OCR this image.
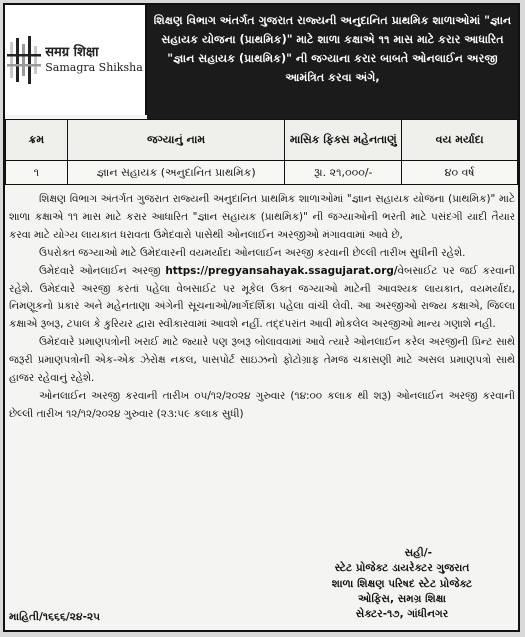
समग्र शिक्षा
Samagra Shiksha
શિક્ષણ વિભાગ અંતર્ગત ગુજરાત રાજ્યની અનુદાનિત પ્રાથમિક શાળાઓમાં "જ્ઞાન સહાયક યોજના (પ્રાથમિક)" માટે શાળા કક્ષાએ ૧૧ માસ માટે કરાર આધારિત "જ્ઞાન સહાયક (પ્રાથમિક)" ની જગ્યાના કરાર બાબતે ઓનલાઈન અરજી આમંત્રિત કરવા અંગે,
ક્રમ	જગ્યાનું નામ	માસિક ફિક્સ મહેનતાણું	વય મર્યાદા
૧	જ્ઞાન સહાયક (અનુદાનિત પ્રાથમિક)	રૂા. ૨૧,૦૦૦/-	૪૦ વર્ષ

શિક્ષણ વિભાગ અંતર્ગત ગુજરાત રાજ્યની અનુદાનિત પ્રાથમિક શાળાઓમાં "જ્ઞાન સહાયક યોજના (પ્રાથમિક)" માટે શાળા કક્ષાએ ૧૧ માસ માટે કરાર આધારિત "જ્ઞાન સહાયક (પ્રાથમિક)" ની જગ્યાઓની ભરતી માટે પસંદગી યાદી તૈયાર કરવા માટે યોગ્ય લાયકાત ધરાવતા ઉમેદવારો પાસેથી ઓનલાઈન અરજીઓ મંગાવવામાં આવે છે,

ઉપરોક્ત જગ્યાઓ માટે ઉમેદવારની વયમર્યાદા ઓનલાઈન અરજી કરવાની છેલ્લી તારીખ સુધીની રહેશે.

ઉમેદવારે ઓનલાઈન અરજી https://pregyansahayak.ssagujarat.org/વેબસાઈટ પર જઈ કરવાની રહેશે. ઉમેદવારે અરજી કરતાં પહેલા વેબસાઈટ પર મૂકેલ ઉક્ત જગ્યાઓ માટેની આવશ્યક લાયકાત, વયમર્યાદા, નિમણૂકનો પ્રકાર અને મહેનતાણા અંગેની સૂચનાઓ/માર્ગદર્શિકા પહેલા વાંચી લેવી. આ અરજીઓ રાજ્ય કક્ષાએ, જિલ્લા કક્ષાએ રૂબરૂ, ટપાલ કે કુરિયર દ્વારા સ્વીકારવામાં આવશે નહીં. તદ્દપરાંત આવી મોકલેલ અરજીઓ માન્ય ગણાશે નહી.

ઉમેદવારે પ્રમાણપત્રોની ખરાઈ માટે જ્યારે પણ રૂબરૂ બોલાવવામાં આવે ત્યારે ઓનલાઈન કરેલ અરજીની પ્રિન્ટ સાથે જરૂરી પ્રમાણપત્રોની એક-એક ઝેરોક્ષ નકલ, પાસપોર્ટ સાઇઝનો ફોટોગ્રાફ તેમજ ચકાસણી માટે અસલ પ્રમાણપત્રો સાથે હાજર રહેવાનું રહેશે.

ઓનલાઈન અરજી કરવાની તારીખ ૦૫/૧૨/૨૦૨૪ ગુરુવાર (૧૪:૦૦ કલાક થી શરૂ) ઓનલાઈન અરજી કરવાની છેલ્લી તારીખ ૧૨/૧૨/૨૦૨૪ ગુરુવાર (૨૩:૫૯ કલાક સુધી)

સહી/-
સ્ટેટ પ્રોજેક્ટ ડાયરેક્ટર ગુજરાત
શાળા શિક્ષણ પરિષદ સ્ટેટ પ્રોજેક્ટ
ઓફિસ, સમગ્ર શિક્ષા
સેક્ટર-૧૭, ગાંધીનગર
માહિતી/૧૬૬૬/૨૪-૨૫
